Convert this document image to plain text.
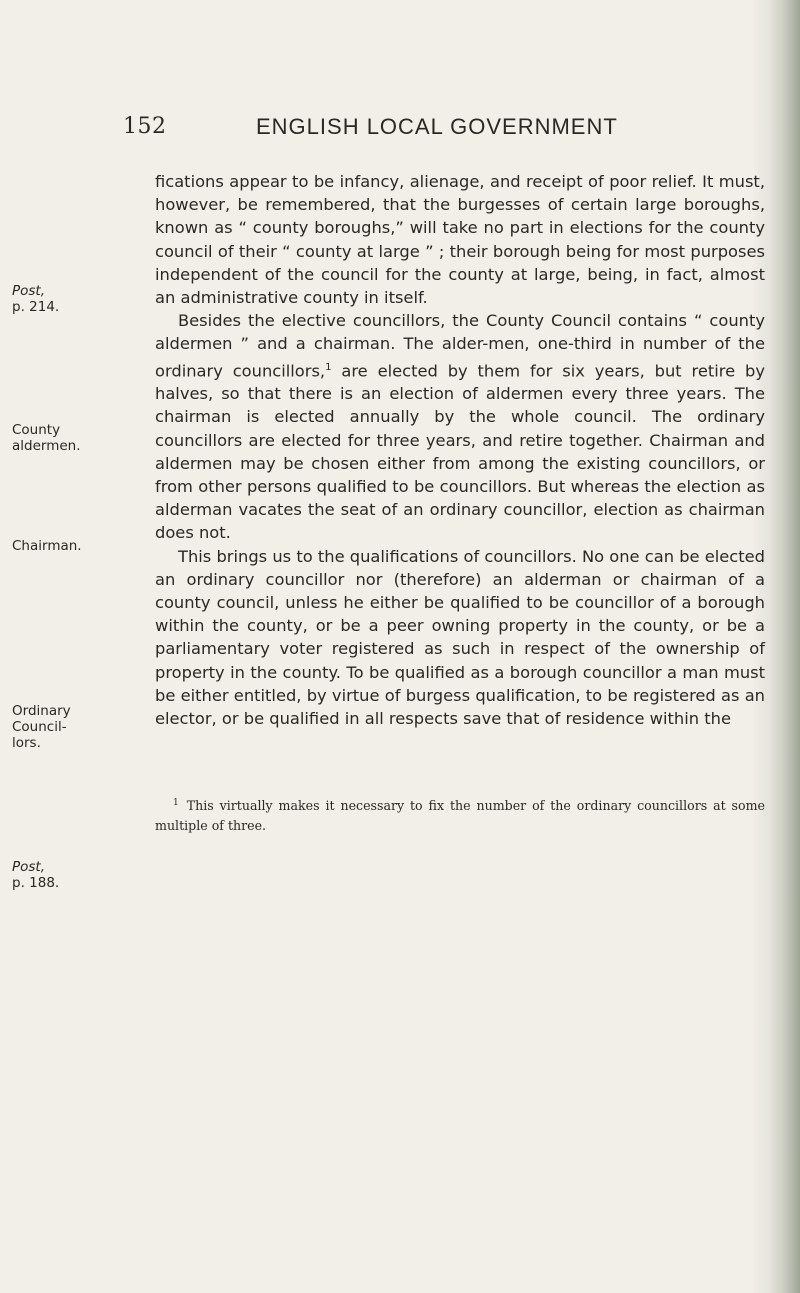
152	ENGLISH LOCAL GOVERNMENT
Post,
p. 214.
County
aldermen.
Chairman.
Ordinary
Council-
lors.
Post,
p. 188.

fications appear to be infancy, alienage, and receipt of poor relief. It must, however, be remembered, that the burgesses of certain large boroughs, known as “ county boroughs,” will take no part in elections for the county council of their “ county at large ” ; their borough being for most purposes independent of the council for the county at large, being, in fact, almost an administrative county in itself.

Besides the elective councillors, the County Council contains “ county aldermen ” and a chairman. The alder-men, one-third in number of the ordinary councillors,$^1$ are elected by them for six years, but retire by halves, so that there is an election of aldermen every three years. The chairman is elected annually by the whole council. The ordinary councillors are elected for three years, and retire together. Chairman and aldermen may be chosen either from among the existing councillors, or from other persons qualified to be councillors. But whereas the election as alderman vacates the seat of an ordinary councillor, election as chairman does not.

This brings us to the qualifications of councillors. No one can be elected an ordinary councillor nor (therefore) an alderman or chairman of a county council, unless he either be qualified to be councillor of a borough within the county, or be a peer owning property in the county, or be a parliamentary voter registered as such in respect of the ownership of property in the county. To be qualified as a borough councillor a man must be either entitled, by virtue of burgess qualification, to be registered as an elector, or be qualified in all respects save that of residence within the

$^1$ This virtually makes it necessary to fix the number of the ordinary councillors at some multiple of three.
